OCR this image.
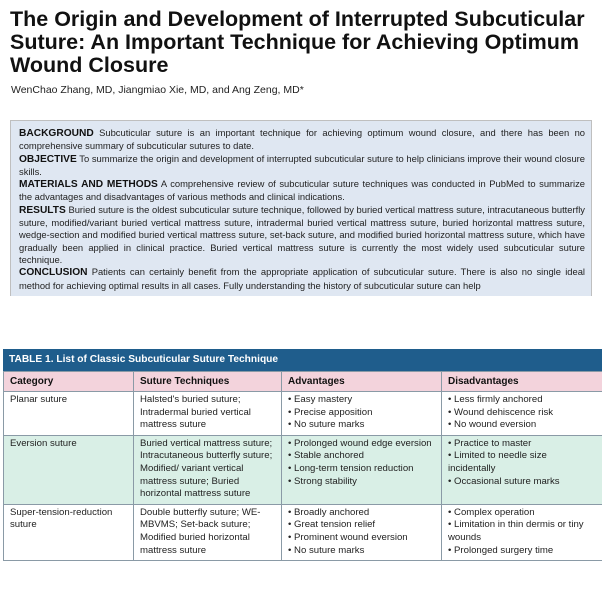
The Origin and Development of Interrupted Subcuticular Suture: An Important Technique for Achieving Optimum Wound Closure
WenChao Zhang, MD, Jiangmiao Xie, MD, and Ang Zeng, MD*

BACKGROUND Subcuticular suture is an important technique for achieving optimum wound closure, and there has been no comprehensive summary of subcuticular sutures to date.

OBJECTIVE To summarize the origin and development of interrupted subcuticular suture to help clinicians improve their wound closure skills.

MATERIALS AND METHODS A comprehensive review of subcuticular suture techniques was conducted in PubMed to summarize the advantages and disadvantages of various methods and clinical indications.

RESULTS Buried suture is the oldest subcuticular suture technique, followed by buried vertical mattress suture, intracutaneous butterfly suture, modified/variant buried vertical mattress suture, intradermal buried vertical mattress suture, buried horizontal mattress suture, wedge-section and modified buried vertical mattress suture, set-back suture, and modified buried horizontal mattress suture, which have gradually been applied in clinical practice. Buried vertical mattress suture is currently the most widely used subcuticular suture technique.

CONCLUSION Patients can certainly benefit from the appropriate application of subcuticular suture. There is also no single ideal method for achieving optimal results in all cases. Fully understanding the history of subcuticular suture can help

TABLE 1. List of Classic Subcuticular Suture Technique
Category	Suture Techniques	Advantages	Disadvantages
Planar suture	Halsted's buried suture; Intradermal buried vertical mattress suture	• Easy mastery
• Precise apposition
• No suture marks	• Less firmly anchored
• Wound dehiscence risk
• No wound eversion

Eversion suture	Buried vertical mattress suture; Intracutaneous butterfly suture; Modified/ variant vertical mattress suture; Buried horizontal mattress suture	• Prolonged wound edge eversion
• Stable anchored
• Long-term tension reduction
• Strong stability	• Practice to master
• Limited to needle size incidentally
• Occasional suture marks

Super-tension-reduction suture	Double butterfly suture; WE-MBVMS; Set-back suture; Modified buried horizontal mattress suture	• Broadly anchored
• Great tension relief
• Prominent wound eversion
• No suture marks	• Complex operation
• Limitation in thin dermis or tiny wounds
• Prolonged surgery time
